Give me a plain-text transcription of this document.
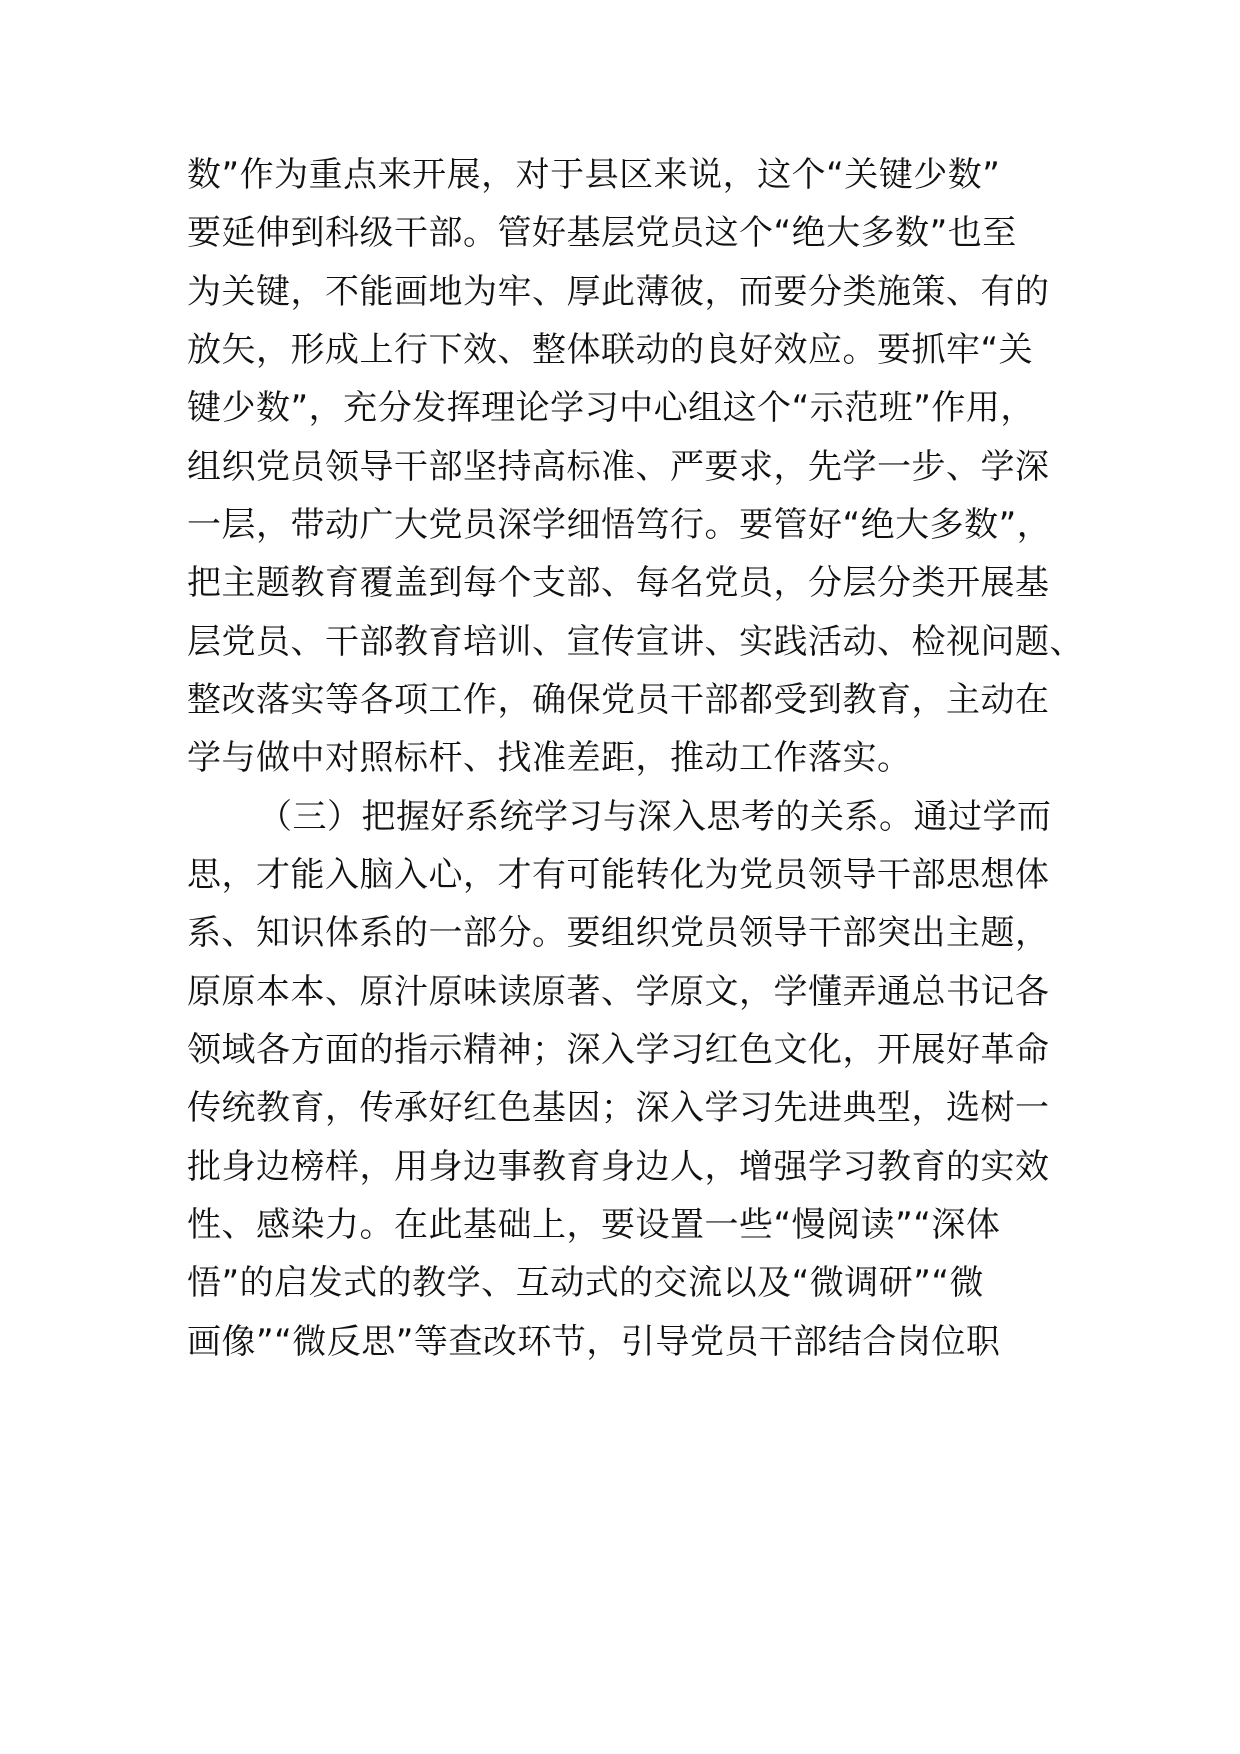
数”作为重点来开展，对于县区来说，这个“关键少数”
要延伸到科级干部。管好基层党员这个“绝大多数”也至
为关键，不能画地为牢、厚此薄彼，而要分类施策、有的
放矢，形成上行下效、整体联动的良好效应。要抓牢“关
键少数”，充分发挥理论学习中心组这个“示范班”作用，
组织党员领导干部坚持高标准、严要求，先学一步、学深
一层，带动广大党员深学细悟笃行。要管好“绝大多数”，
把主题教育覆盖到每个支部、每名党员，分层分类开展基
层党员、干部教育培训、宣传宣讲、实践活动、检视问题、
整改落实等各项工作，确保党员干部都受到教育，主动在
学与做中对照标杆、找准差距，推动工作落实。
（三）把握好系统学习与深入思考的关系。通过学而
思，才能入脑入心，才有可能转化为党员领导干部思想体
系、知识体系的一部分。要组织党员领导干部突出主题，
原原本本、原汁原味读原著、学原文，学懂弄通总书记各
领域各方面的指示精神；深入学习红色文化，开展好革命
传统教育，传承好红色基因；深入学习先进典型，选树一
批身边榜样，用身边事教育身边人，增强学习教育的实效
性、感染力。在此基础上，要设置一些“慢阅读”“深体
悟”的启发式的教学、互动式的交流以及“微调研”“微
画像”“微反思”等查改环节，引导党员干部结合岗位职
